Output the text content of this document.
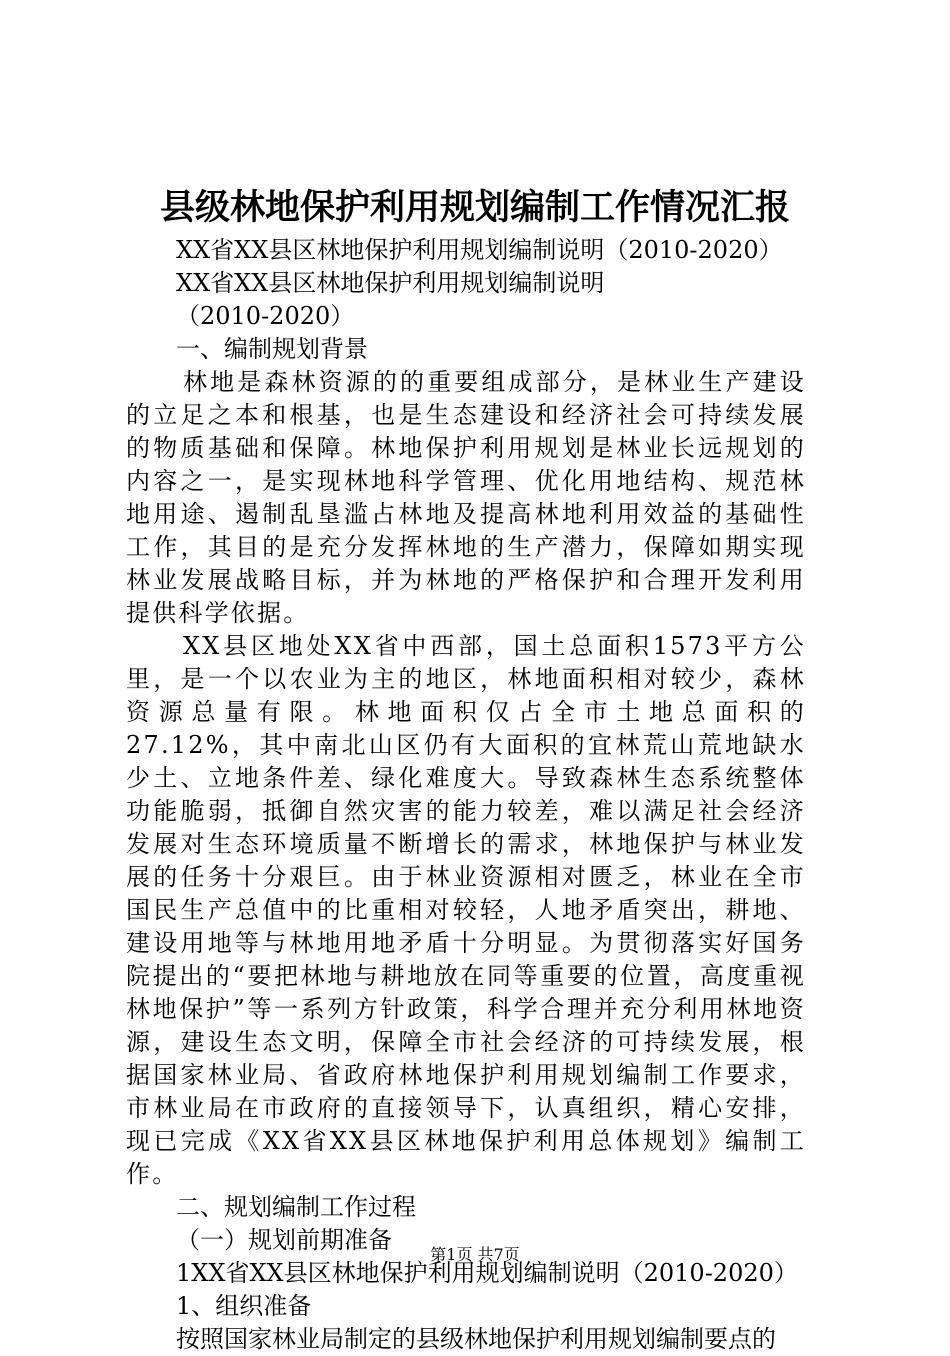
县级林地保护利用规划编制工作情况汇报
XX省XX县区林地保护利用规划编制说明（2010-2020）
XX省XX县区林地保护利用规划编制说明
（2010-2020）
一、编制规划背景
林地是森林资源的的重要组成部分，是林业生产建设的立足之本和根基，也是生态建设和经济社会可持续发展的物质基础和保障。林地保护利用规划是林业长远规划的内容之一，是实现林地科学管理、优化用地结构、规范林地用途、遏制乱垦滥占林地及提高林地利用效益的基础性工作，其目的是充分发挥林地的生产潜力，保障如期实现林业发展战略目标，并为林地的严格保护和合理开发利用提供科学依据。
XX县区地处XX省中西部，国土总面积1573平方公里，是一个以农业为主的地区，林地面积相对较少，森林资源总量有限。林地面积仅占全市土地总面积的27.12%，其中南北山区仍有大面积的宜林荒山荒地缺水少土、立地条件差、绿化难度大。导致森林生态系统整体功能脆弱，抵御自然灾害的能力较差，难以满足社会经济发展对生态环境质量不断增长的需求，林地保护与林业发展的任务十分艰巨。由于林业资源相对匮乏，林业在全市国民生产总值中的比重相对较轻，人地矛盾突出，耕地、建设用地等与林地用地矛盾十分明显。为贯彻落实好国务院提出的“要把林地与耕地放在同等重要的位置，高度重视林地保护”等一系列方针政策，科学合理并充分利用林地资源，建设生态文明，保障全市社会经济的可持续发展，根据国家林业局、省政府林地保护利用规划编制工作要求，市林业局在市政府的直接领导下，认真组织，精心安排，现已完成《XX省XX县区林地保护利用总体规划》编制工作。
二、规划编制工作过程
（一）规划前期准备
1XX省XX县区林地保护利用规划编制说明（2010-2020）
1、组织准备
按照国家林业局制定的县级林地保护利用规划编制要点的
第1页 共7页
